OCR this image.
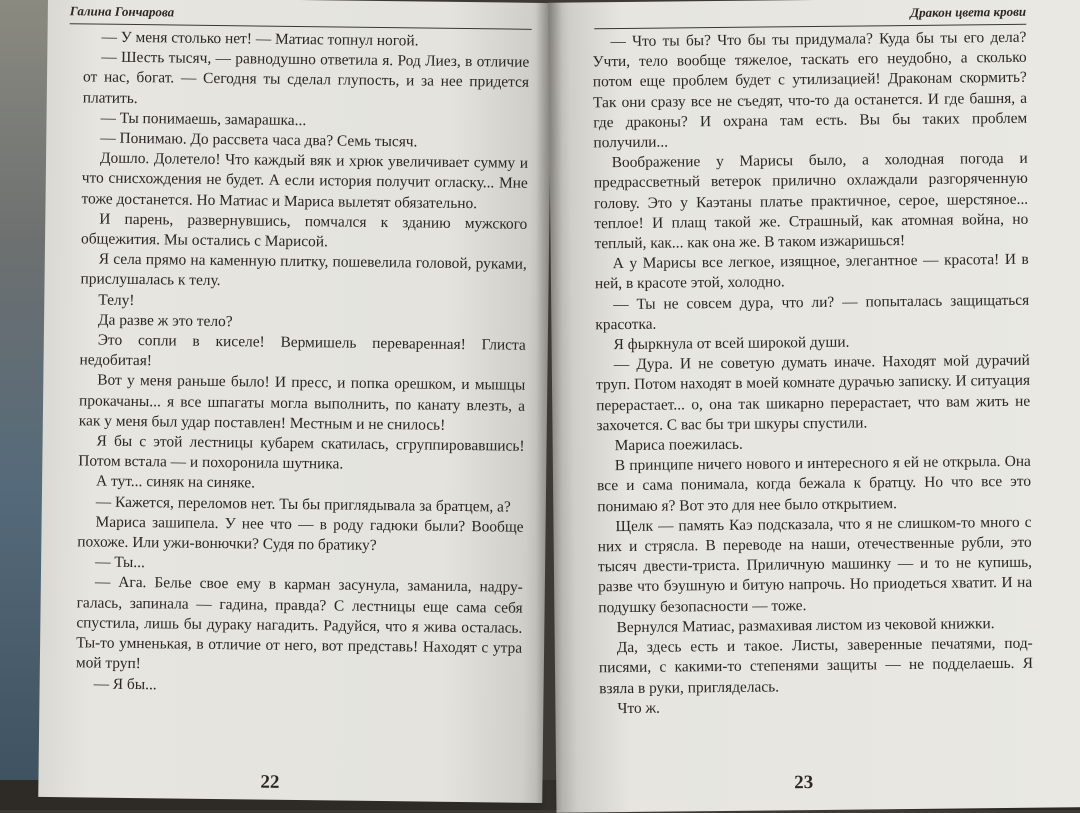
Галина Гончарова

— У меня столько нет! — Матиас топнул ногой.

— Шесть тысяч, — равнодушно ответила я. Род Лиез, в отличие от нас, богат. — Сегодня ты сделал глупость, и за нее придется платить.

— Ты понимаешь, замарашка...

— Понимаю. До рассвета часа два? Семь тысяч.

Дошло. Долетело! Что каждый вяк и хрюк увеличивает сумму и что снисхождения не будет. А если история получит огласку... Мне тоже достанется. Но Матиас и Мариса вылетят обязательно.

И парень, развернувшись, помчался к зданию мужского общежития. Мы остались с Марисой.

Я села прямо на каменную плитку, пошевелила головой, руками, прислушалась к телу.

Телу!

Да разве ж это тело?

Это сопли в киселе! Вермишель переваренная! Глиста недобитая!

Вот у меня раньше было! И пресс, и попка орешком, и мышцы прокачаны... я все шпагаты могла выполнить, по канату влезть, а как у меня был удар поставлен! Местным и не снилось!

Я бы с этой лестницы кубарем скатилась, сгруппировавшись! Потом встала — и похоронила шутника.

А тут... синяк на синяке.

— Кажется, переломов нет. Ты бы приглядывала за братцем, а?

Мариса зашипела. У нее что — в роду гадюки были? Вообще похоже. Или ужи-вонючки? Судя по братику?

— Ты...

— Ага. Белье свое ему в карман засунула, заманила, надругалась, запинала — гадина, правда? С лестницы еще сама себя спустила, лишь бы дураку нагадить. Радуйся, что я жива осталась. Ты-то умненькая, в отличие от него, вот представь! Находят с утра мой труп!

— Я бы...

22
Дракон цвета крови

— Что ты бы? Что бы ты придумала? Куда бы ты его дела? Учти, тело вообще тяжелое, таскать его неудобно, а сколько потом еще проблем будет с утилизацией! Драконам скормить? Так они сразу все не съедят, что-то да останется. И где башня, а где драконы? И охрана там есть. Вы бы таких проблем получили...

Воображение у Марисы было, а холодная погода и предрассветный ветерок прилично охлаждали разгоряченную голову. Это у Каэтаны платье практичное, серое, шерстяное... теплое! И плащ такой же. Страшный, как атомная война, но теплый, как... как она же. В таком изжаришься!

А у Марисы все легкое, изящное, элегантное — красота! И в ней, в красоте этой, холодно.

— Ты не совсем дура, что ли? — попыталась защищаться красотка.

Я фыркнула от всей широкой души.

— Дура. И не советую думать иначе. Находят мой дурачий труп. Потом находят в моей комнате дурачью записку. И ситуация перерастает... о, она так шикарно перерастает, что вам жить не захочется. С вас бы три шкуры спустили.

Мариса поежилась.

В принципе ничего нового и интересного я ей не открыла. Она все и сама понимала, когда бежала к братцу. Но что все это понимаю я? Вот это для нее было открытием.

Щелк — память Каэ подсказала, что я не слишком-то много с них и стрясла. В переводе на наши, отечественные рубли, это тысяч двести-триста. Приличную машинку — и то не купишь, разве что бэушную и битую напрочь. Но приодеться хватит. И на подушку безопасности — тоже.

Вернулся Матиас, размахивая листом из чековой книжки.

Да, здесь есть и такое. Листы, заверенные печатями, подписями, с какими-то степенями защиты — не подделаешь. Я взяла в руки, пригляделась.

Что ж.

23
